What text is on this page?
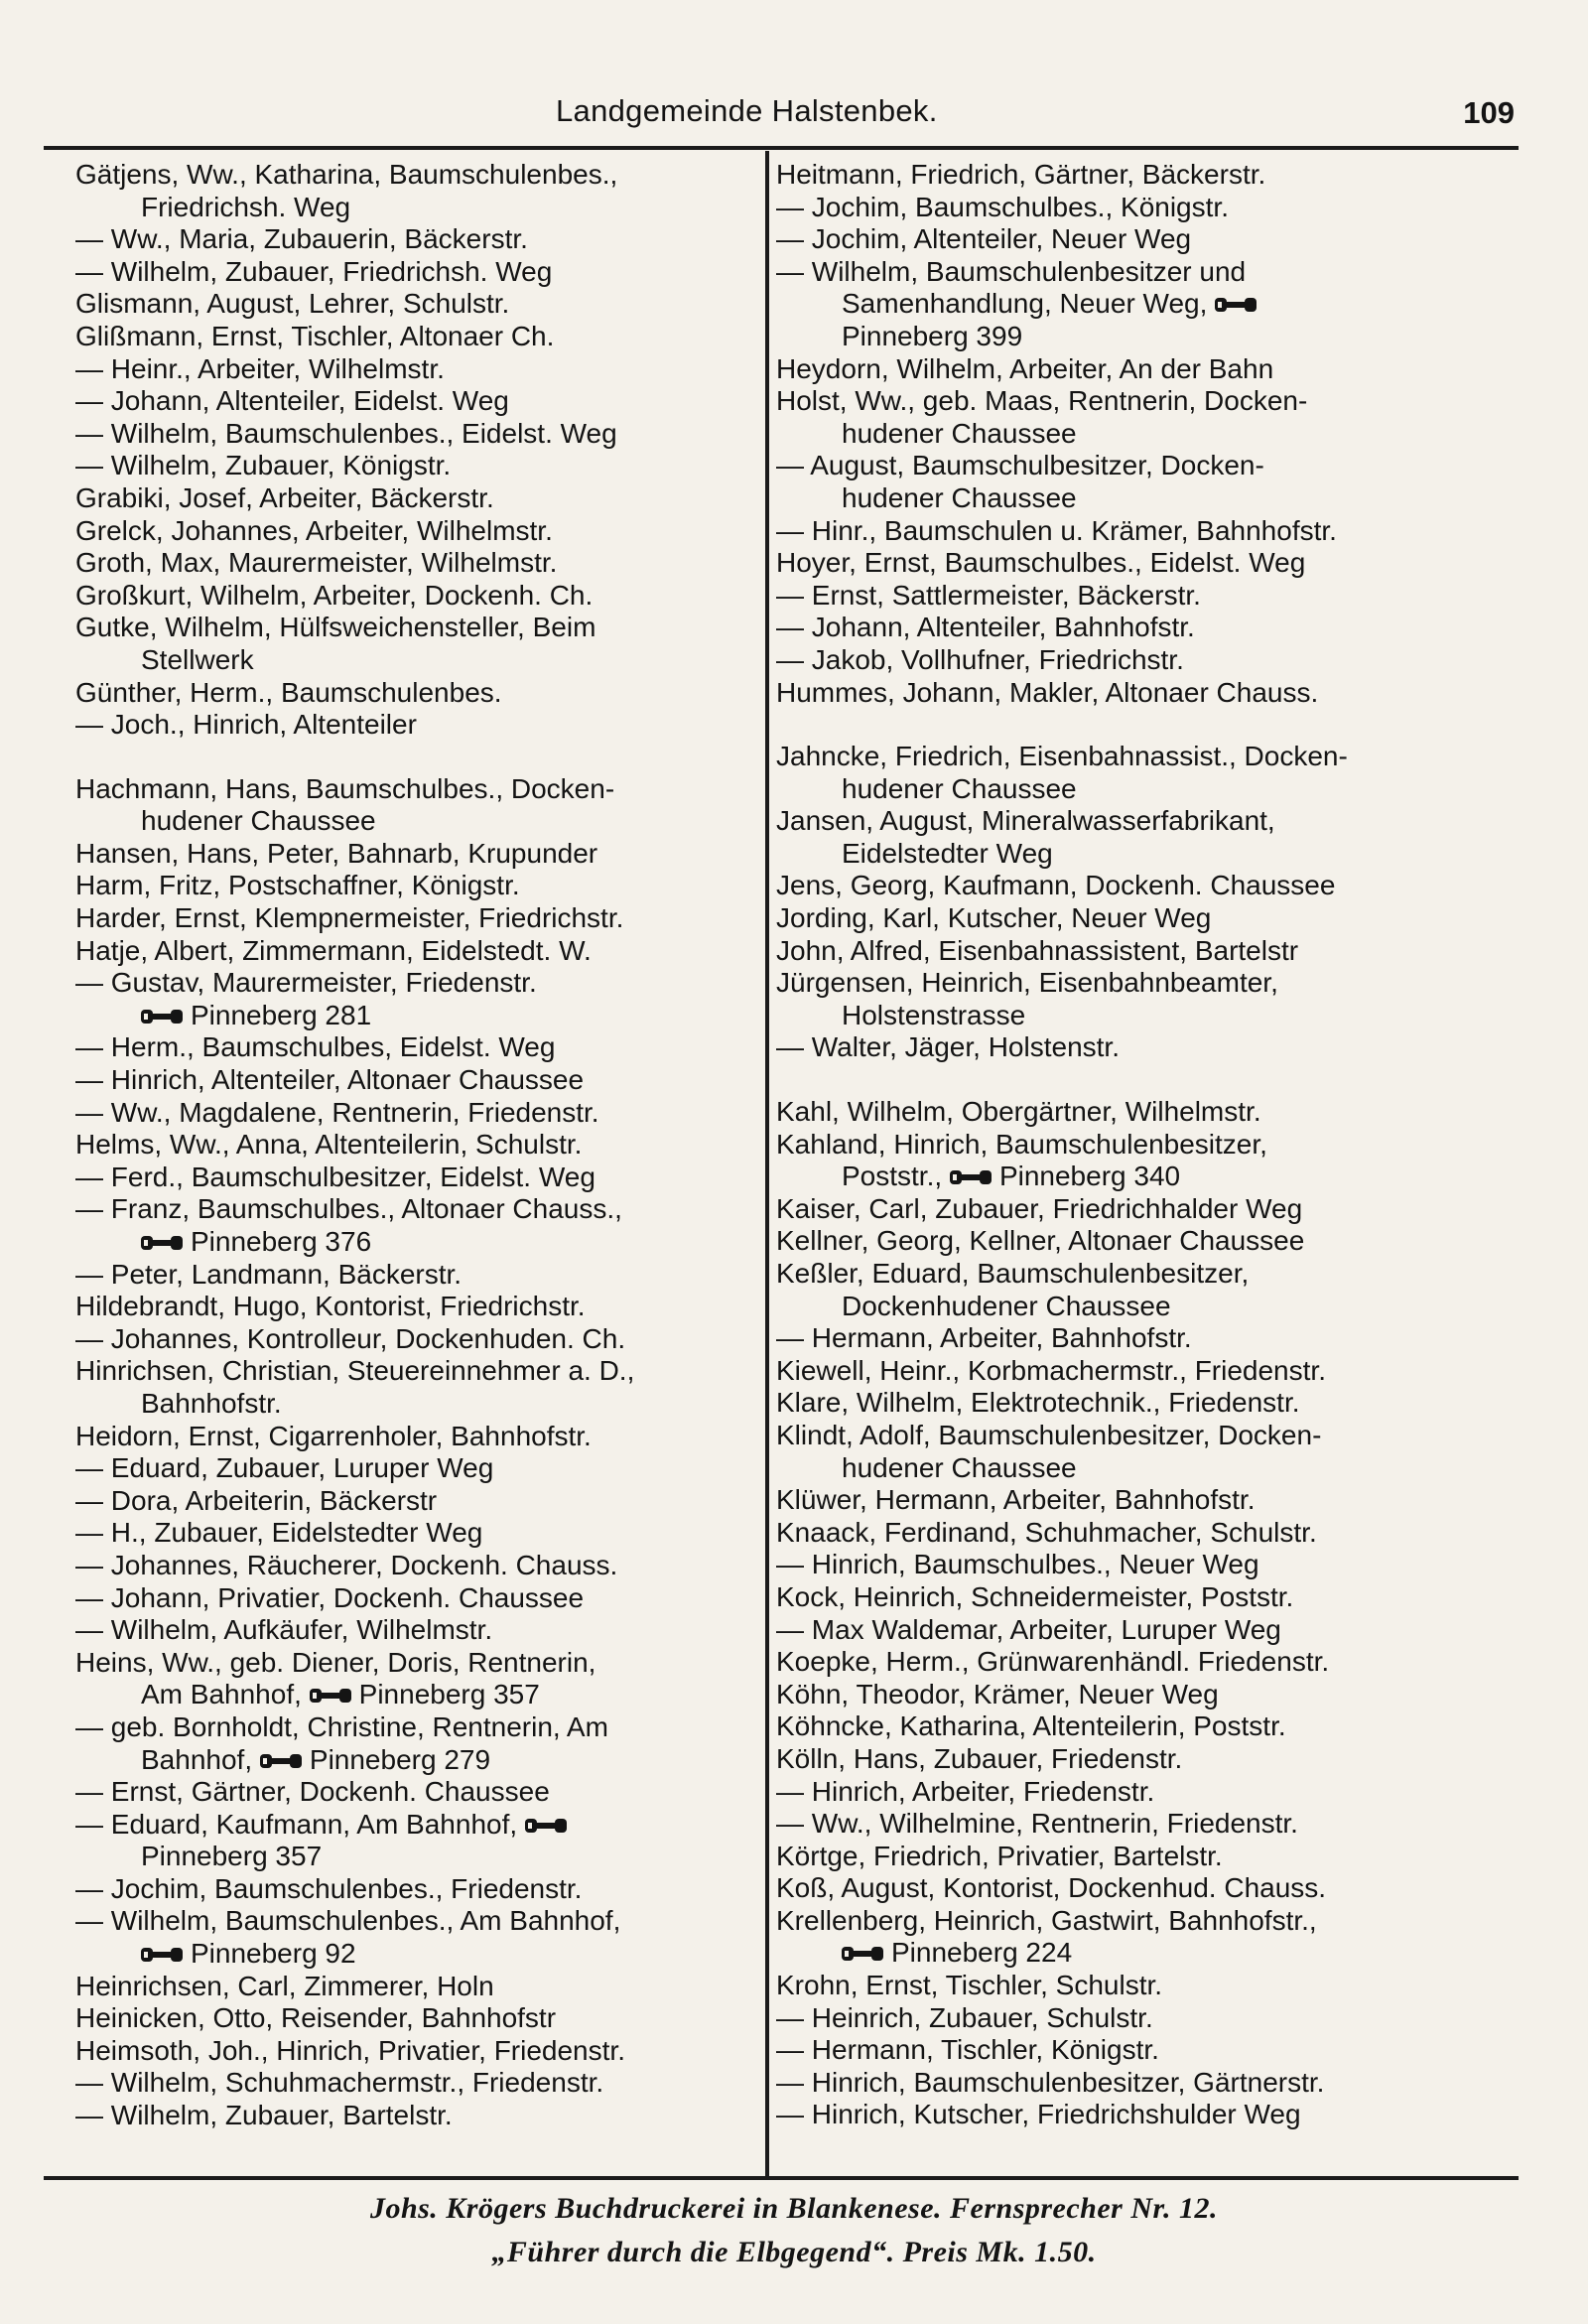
Landgemeinde Halstenbek.	109
Gätjens, Ww., Katharina, Baumschulenbes.,
Friedrichsh. Weg
— Ww., Maria, Zubauerin, Bäckerstr.
— Wilhelm, Zubauer, Friedrichsh. Weg
Glismann, August, Lehrer, Schulstr.
Glißmann, Ernst, Tischler, Altonaer Ch.
— Heinr., Arbeiter, Wilhelmstr.
— Johann, Altenteiler, Eidelst. Weg
— Wilhelm, Baumschulenbes., Eidelst. Weg
— Wilhelm, Zubauer, Königstr.
Grabiki, Josef, Arbeiter, Bäckerstr.
Grelck, Johannes, Arbeiter, Wilhelmstr.
Groth, Max, Maurermeister, Wilhelmstr.
Großkurt, Wilhelm, Arbeiter, Dockenh. Ch.
Gutke, Wilhelm, Hülfsweichensteller, Beim
Stellwerk
Günther, Herm., Baumschulenbes.
— Joch., Hinrich, Altenteiler
Hachmann, Hans, Baumschulbes., Docken-
hudener Chaussee
Hansen, Hans, Peter, Bahnarb, Krupunder
Harm, Fritz, Postschaffner, Königstr.
Harder, Ernst, Klempnermeister, Friedrichstr.
Hatje, Albert, Zimmermann, Eidelstedt. W.
— Gustav, Maurermeister, Friedenstr.
Pinneberg 281
— Herm., Baumschulbes, Eidelst. Weg
— Hinrich, Altenteiler, Altonaer Chaussee
— Ww., Magdalene, Rentnerin, Friedenstr.
Helms, Ww., Anna, Altenteilerin, Schulstr.
— Ferd., Baumschulbesitzer, Eidelst. Weg
— Franz, Baumschulbes., Altonaer Chauss.,
Pinneberg 376
— Peter, Landmann, Bäckerstr.
Hildebrandt, Hugo, Kontorist, Friedrichstr.
— Johannes, Kontrolleur, Dockenhuden. Ch.
Hinrichsen, Christian, Steuereinnehmer a. D.,
Bahnhofstr.
Heidorn, Ernst, Cigarrenholer, Bahnhofstr.
— Eduard, Zubauer, Luruper Weg
— Dora, Arbeiterin, Bäckerstr
— H., Zubauer, Eidelstedter Weg
— Johannes, Räucherer, Dockenh. Chauss.
— Johann, Privatier, Dockenh. Chaussee
— Wilhelm, Aufkäufer, Wilhelmstr.
Heins, Ww., geb. Diener, Doris, Rentnerin,
Am Bahnhof, Pinneberg 357
— geb. Bornholdt, Christine, Rentnerin, Am
Bahnhof, Pinneberg 279
— Ernst, Gärtner, Dockenh. Chaussee
— Eduard, Kaufmann, Am Bahnhof,
Pinneberg 357
— Jochim, Baumschulenbes., Friedenstr.
— Wilhelm, Baumschulenbes., Am Bahnhof,
Pinneberg 92
Heinrichsen, Carl, Zimmerer, Holn
Heinicken, Otto, Reisender, Bahnhofstr
Heimsoth, Joh., Hinrich, Privatier, Friedenstr.
— Wilhelm, Schuhmachermstr., Friedenstr.
— Wilhelm, Zubauer, Bartelstr.
Heitmann, Friedrich, Gärtner, Bäckerstr.
— Jochim, Baumschulbes., Königstr.
— Jochim, Altenteiler, Neuer Weg
— Wilhelm, Baumschulenbesitzer und
Samenhandlung, Neuer Weg,
Pinneberg 399
Heydorn, Wilhelm, Arbeiter, An der Bahn
Holst, Ww., geb. Maas, Rentnerin, Docken-
hudener Chaussee
— August, Baumschulbesitzer, Docken-
hudener Chaussee
— Hinr., Baumschulen u. Krämer, Bahnhofstr.
Hoyer, Ernst, Baumschulbes., Eidelst. Weg
— Ernst, Sattlermeister, Bäckerstr.
— Johann, Altenteiler, Bahnhofstr.
— Jakob, Vollhufner, Friedrichstr.
Hummes, Johann, Makler, Altonaer Chauss.
Jahncke, Friedrich, Eisenbahnassist., Docken-
hudener Chaussee
Jansen, August, Mineralwasserfabrikant,
Eidelstedter Weg
Jens, Georg, Kaufmann, Dockenh. Chaussee
Jording, Karl, Kutscher, Neuer Weg
John, Alfred, Eisenbahnassistent, Bartelstr
Jürgensen, Heinrich, Eisenbahnbeamter,
Holstenstrasse
— Walter, Jäger, Holstenstr.
Kahl, Wilhelm, Obergärtner, Wilhelmstr.
Kahland, Hinrich, Baumschulenbesitzer,
Poststr., Pinneberg 340
Kaiser, Carl, Zubauer, Friedrichhalder Weg
Kellner, Georg, Kellner, Altonaer Chaussee
Keßler, Eduard, Baumschulenbesitzer,
Dockenhudener Chaussee
— Hermann, Arbeiter, Bahnhofstr.
Kiewell, Heinr., Korbmachermstr., Friedenstr.
Klare, Wilhelm, Elektrotechnik., Friedenstr.
Klindt, Adolf, Baumschulenbesitzer, Docken-
hudener Chaussee
Klüwer, Hermann, Arbeiter, Bahnhofstr.
Knaack, Ferdinand, Schuhmacher, Schulstr.
— Hinrich, Baumschulbes., Neuer Weg
Kock, Heinrich, Schneidermeister, Poststr.
— Max Waldemar, Arbeiter, Luruper Weg
Koepke, Herm., Grünwarenhändl. Friedenstr.
Köhn, Theodor, Krämer, Neuer Weg
Köhncke, Katharina, Altenteilerin, Poststr.
Kölln, Hans, Zubauer, Friedenstr.
— Hinrich, Arbeiter, Friedenstr.
— Ww., Wilhelmine, Rentnerin, Friedenstr.
Körtge, Friedrich, Privatier, Bartelstr.
Koß, August, Kontorist, Dockenhud. Chauss.
Krellenberg, Heinrich, Gastwirt, Bahnhofstr.,
Pinneberg 224
Krohn, Ernst, Tischler, Schulstr.
— Heinrich, Zubauer, Schulstr.
— Hermann, Tischler, Königstr.
— Hinrich, Baumschulenbesitzer, Gärtnerstr.
— Hinrich, Kutscher, Friedrichshulder Weg
Johs. Krögers Buchdruckerei in Blankenese. Fernsprecher Nr. 12.
„Führer durch die Elbgegend“. Preis Mk. 1.50.
